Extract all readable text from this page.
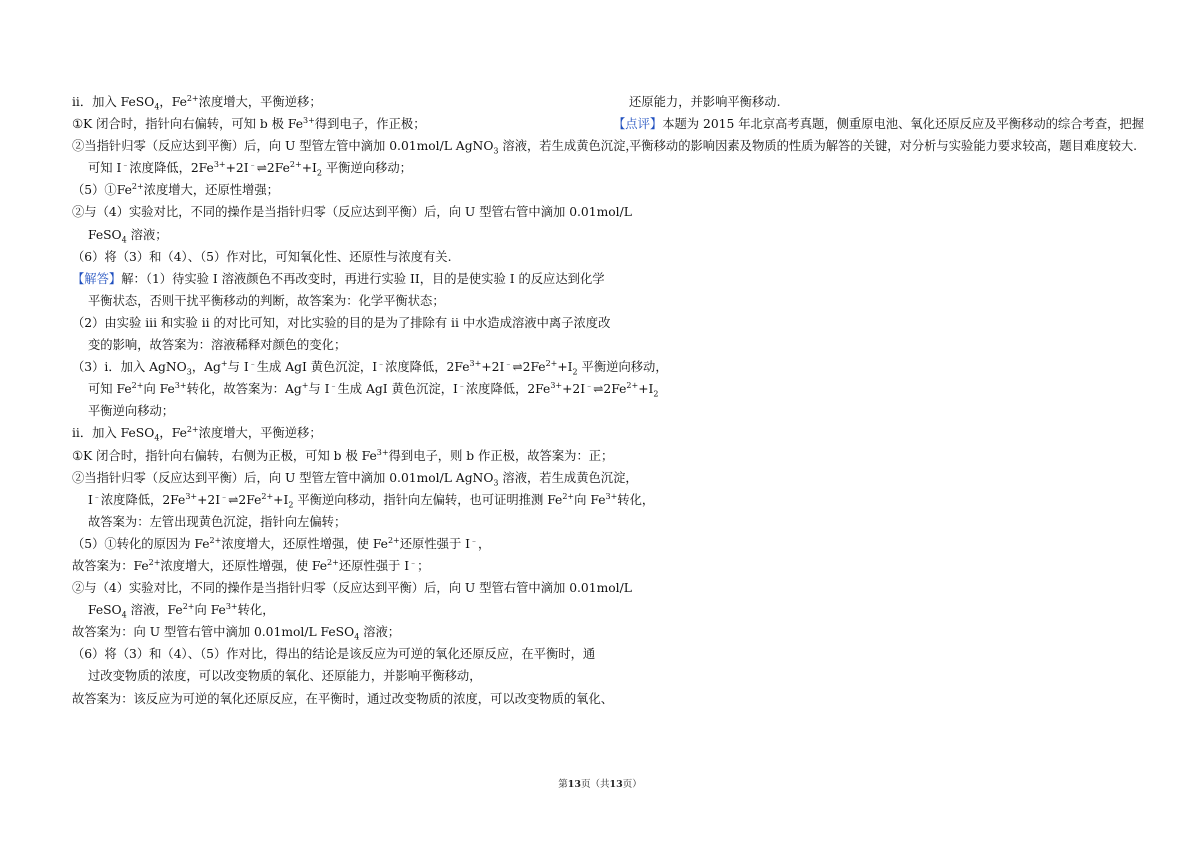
ii．加入 FeSO$_4$，$Fe^{2+}$浓度增大，平衡逆移；
①K 闭合时，指针向右偏转，可知 b 极 $Fe^{3+}$得到电子，作正极；
②当指针归零（反应达到平衡）后，向 U 型管左管中滴加 0.01mol/L AgNO$_3$ 溶液，若生成黄色沉淀，
可知 I﹣浓度降低，$2Fe^{3+}+2I^﹣\rightleftharpoons 2Fe^{2+}+I_2$ 平衡逆向移动；
$(5)①Fe^{2+}$浓度增大，还原性增强；
②与（4）实验对比，不同的操作是当指针归零（反应达到平衡）后，向 U 型管右管中滴加 0.01mol/L
FeSO$_4$ 溶液；
（6）将（3）和（4）、（5）作对比，可知氧化性、还原性与浓度有关.
【解答】解：（1）待实验 I 溶液颜色不再改变时，再进行实验 II，目的是使实验 I 的反应达到化学
平衡状态，否则干扰平衡移动的判断，故答案为：化学平衡状态；
（2）由实验 iii 和实验 ii 的对比可知，对比实验的目的是为了排除有 ii 中水造成溶液中离子浓度改
变的影响，故答案为：溶液稀释对颜色的变化；
（3）i．加入 AgNO$_3$，Ag+与 I﹣生成 AgI 黄色沉淀，I﹣浓度降低，$2Fe^{3+}+2I^﹣\rightleftharpoons 2Fe^{2+}+I_2$ 平衡逆向移动，
可知 $Fe^{2+}$向 $Fe^{3+}$转化，故答案为：Ag+与 I﹣生成 AgI 黄色沉淀，I﹣浓度降低，$2Fe^{3+}+2I^﹣\rightleftharpoons 2Fe^{2+}+I_2$
平衡逆向移动；
ii．加入 FeSO$_4$，$Fe^{2+}$浓度增大，平衡逆移；
①K 闭合时，指针向右偏转，右侧为正极，可知 b 极 $Fe^{3+}$得到电子，则 b 作正极，故答案为：正；
②当指针归零（反应达到平衡）后，向 U 型管左管中滴加 0.01mol/L AgNO$_3$ 溶液，若生成黄色沉淀，
I﹣浓度降低，$2Fe^{3+}+2I^﹣\rightleftharpoons 2Fe^{2+}+I_2$ 平衡逆向移动，指针向左偏转，也可证明推测 $Fe^{2+}$向 $Fe^{3+}$转化，
故答案为：左管出现黄色沉淀，指针向左偏转；
（5）①转化的原因为 $Fe^{2+}$浓度增大，还原性增强，使 $Fe^{2+}$还原性强于 I﹣，
故答案为：$Fe^{2+}$浓度增大，还原性增强，使 $Fe^{2+}$还原性强于 I﹣；
②与（4）实验对比，不同的操作是当指针归零（反应达到平衡）后，向 U 型管右管中滴加 0.01mol/L
FeSO$_4$ 溶液，$Fe^{2+}$向 $Fe^{3+}$转化，
故答案为：向 U 型管右管中滴加 0.01mol/L FeSO$_4$ 溶液；
（6）将（3）和（4）、（5）作对比，得出的结论是该反应为可逆的氧化还原反应，在平衡时，通
过改变物质的浓度，可以改变物质的氧化、还原能力，并影响平衡移动，
故答案为：该反应为可逆的氧化还原反应，在平衡时，通过改变物质的浓度，可以改变物质的氧化、
还原能力，并影响平衡移动.
【点评】本题为 2015 年北京高考真题，侧重原电池、氧化还原反应及平衡移动的综合考查，把握
平衡移动的影响因素及物质的性质为解答的关键，对分析与实验能力要求较高，题目难度较大.
第13页（共13页）
